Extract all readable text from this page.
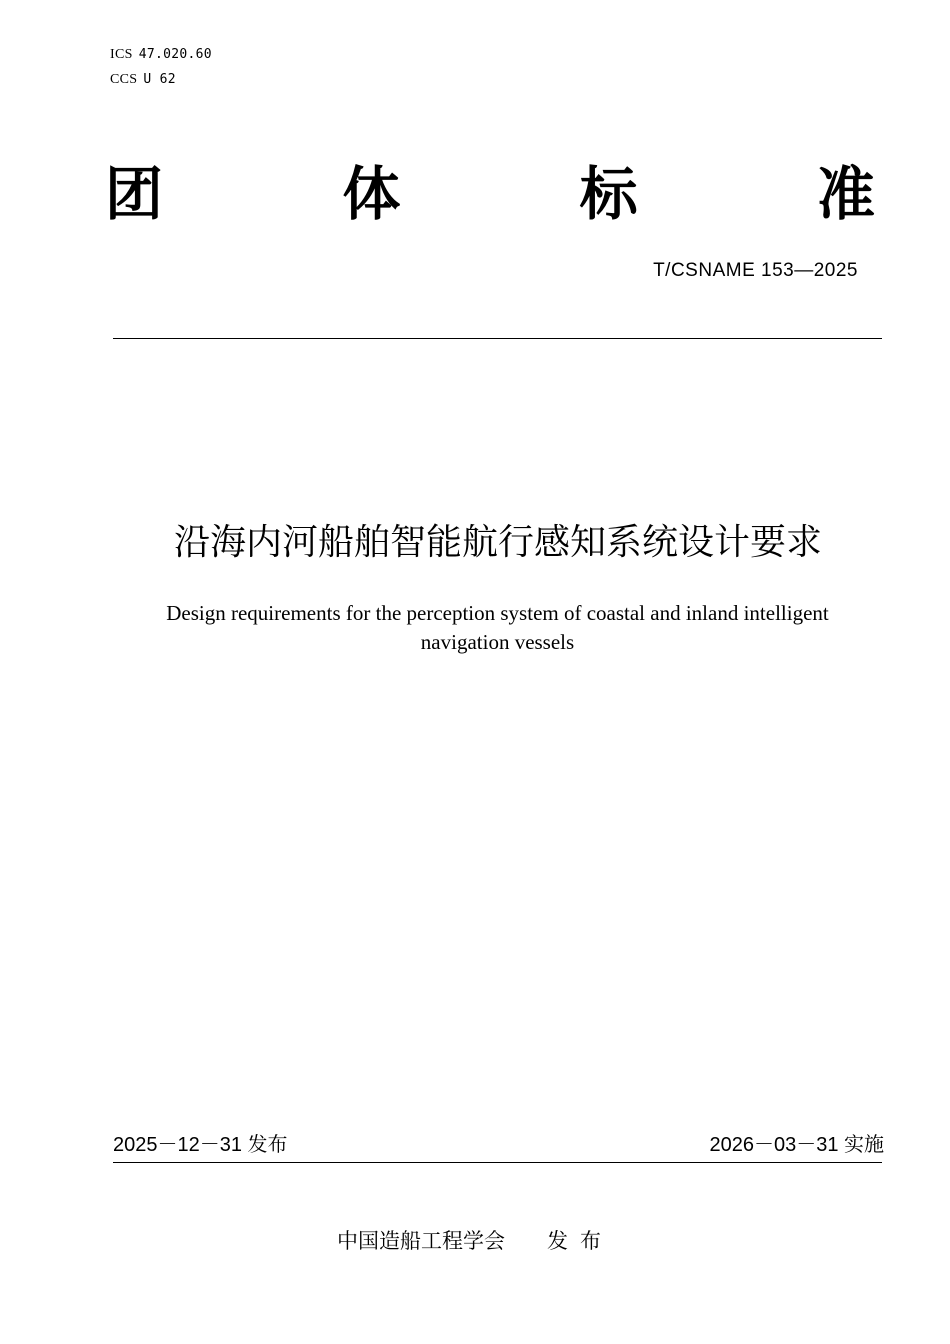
ICS 47.020.60
CCS U 62
团	体	标	准
T/CSNAME 153—2025
沿海内河船舶智能航行感知系统设计要求
Design requirements for the perception system of coastal and inland intelligent
navigation vessels
2025－12－31 发布	2026－03－31 实施
中国造船工程学会 发布
